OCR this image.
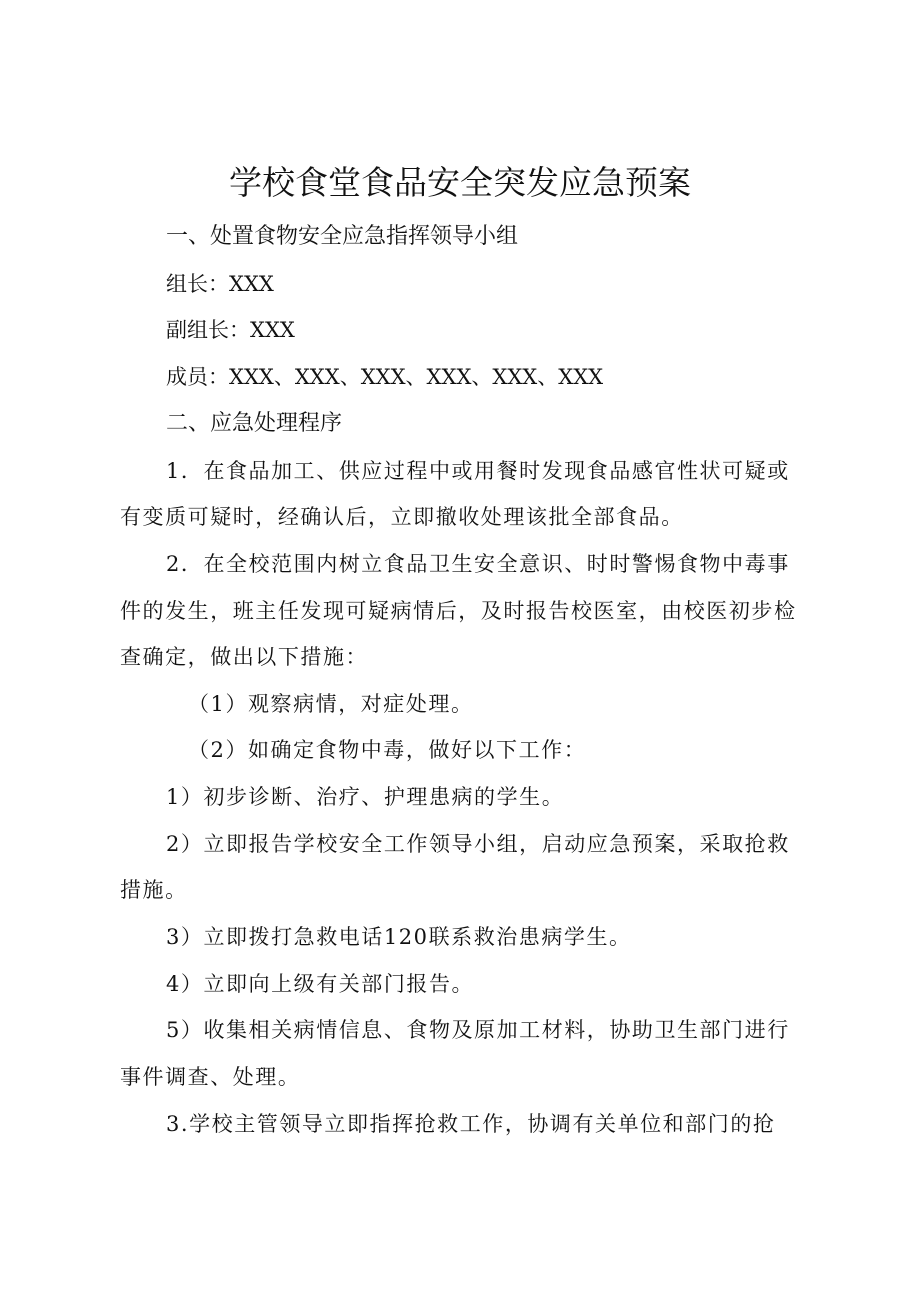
学校食堂食品安全突发应急预案
一、处置食物安全应急指挥领导小组
组长：XXX
副组长：XXX
成员：XXX、XXX、XXX、XXX、XXX、XXX
二、应急处理程序
1．在食品加工、供应过程中或用餐时发现食品感官性状可疑或
有变质可疑时，经确认后，立即撤收处理该批全部食品。
2．在全校范围内树立食品卫生安全意识、时时警惕食物中毒事
件的发生，班主任发现可疑病情后，及时报告校医室，由校医初步检
查确定，做出以下措施：
（1）观察病情，对症处理。
（2）如确定食物中毒，做好以下工作：
1）初步诊断、治疗、护理患病的学生。
2）立即报告学校安全工作领导小组，启动应急预案，采取抢救
措施。
3）立即拨打急救电话120联系救治患病学生。
4）立即向上级有关部门报告。
5）收集相关病情信息、食物及原加工材料，协助卫生部门进行
事件调查、处理。
3.学校主管领导立即指挥抢救工作，协调有关单位和部门的抢
